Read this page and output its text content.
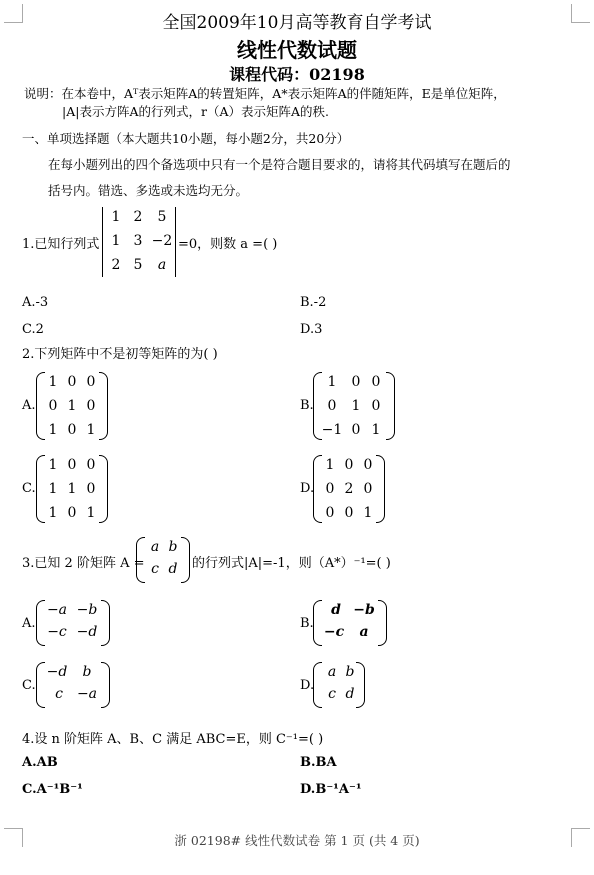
全国2009年10月高等教育自学考试
线性代数试题
课程代码：02198
说明：在本卷中，Aᵀ表示矩阵A的转置矩阵，A*表示矩阵A的伴随矩阵，E是单位矩阵，
|A|表示方阵A的行列式，r（A）表示矩阵A的秩.
一、单项选择题（本大题共10小题，每小题2分，共20分）
在每小题列出的四个备选项中只有一个是符合题目要求的，请将其代码填写在题后的
括号内。错选、多选或未选均无分。
1.已知行列式
1 2	5
1 3 −2
2 5	a
=0，则数 a =( )
A.-3	B.-2
C.2	D.3
2.下列矩阵中不是初等矩阵的为( )
A.
1 0 0
0 1 0
1 0 1
B.
1	0 0
0	1 0
−1 0 1
C.
1 0 0
1 1 0
1 0 1
D.
1 0 0
0 2 0
0 0 1
3.已知 2 阶矩阵 A =
a b
c d	的行列式|A|=-1，则（A*）⁻¹=( )
A.
−a −b
−c −d
B.
d −b
−c	a
C.
−d	b
c	−a
D.
a b
c d
4.设 n 阶矩阵 A、B、C 满足 ABC=E，则 C⁻¹=( )
A.AB	B.BA
C.A⁻¹B⁻¹	D.B⁻¹A⁻¹
浙 02198# 线性代数试卷 第 1 页 (共 4 页)
